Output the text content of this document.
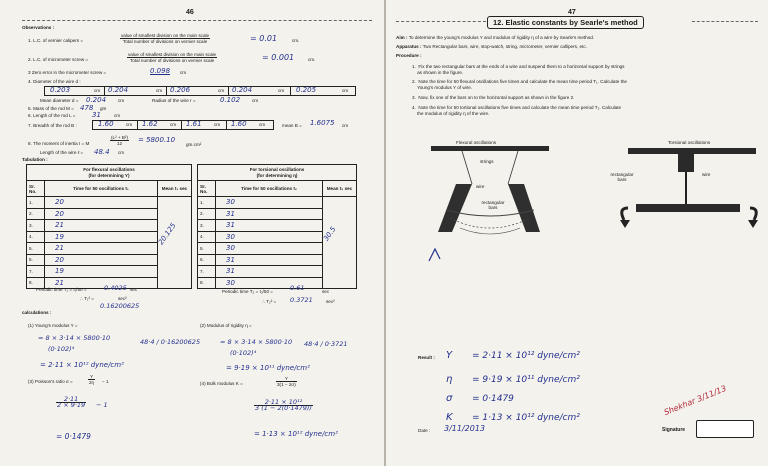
46
Observations :
1. L.C. of vernier calipers =	$\frac{\text{value of smallest division on the main scale}}{\text{Total number of divisions on vernier scale}}$	= 0.01	cm.
2. L.C. of micrometer screw =	$\frac{\text{value of smallest division on the main scale}}{\text{Total number of divisions on vernier scale}}$	= 0.001	cm.
3 Zero error in the micrometer screw =	0.098 cm
4. Diameter of the wire d :
0.203	cm 0.204	cm 0.206	cm 0.204	cm 0.205	cm
Mean diameter d = 0.204	cm	Radius of the wire r =	0.102	cm
5. Mass of the rod M = 478 gm
6. Length of the rod L = 31	cm
7. Breadth of the rod B :	1.60	cm 1.62	cm 1.61	cm 1.60	cm	mean B = 1.6075 cm
8. The moment of inertia I = M	$\frac{\text{(L² + B²)}}{12} = 5800.10$
gm.cm²
Length of the wire ℓ = 48.4 cm
Tabulation :
For flexural oscillations
(for determining Y)		
Sr. No.	Time for 50 oscillations t₁	Mean t₁ sec
1.	20	
2.	20	
3.	21	
4.	19	
5.	21	
6.	20	
7.	19	
8.	21	
20.125
For torsional oscillations
(for determining η)		
Sr. No.	Time for 50 oscillations t₂	Mean t₂ sec
1.	30	
2.	31	
3.	31	
4.	30	
5.	30	
6.	31	
7.	31	
8.	30	
30.5
Periodic time T₁ = t₁/50 =	0.4025 sec
∴ T₁² =	sec²
0.16200625
Periodic time T₂ = t₂/50 =	0.61	sec
∴ T₂² = 0.3721	sec²
calculations :
(1) Young's modulus Y =
= 8 × 3·14 × 5800·10
(0·102)⁴
48·4 / 0·16200625
= 2·11 × 10¹² dyne/cm²
(2) Modulus of rigidity η =
= 8 × 3·14 × 5800·10
(0·102)⁴
48·4 / 0·3721
= 9·19 × 10¹¹ dyne/cm²
(3) Poisson's ratio σ =	$\frac{Y}{2\eta} - 1$
$\frac{2\cdot 11}{2 \times 9\cdot 19} - 1$
= 0·1479
(4) Bulk modulus K =	$\frac{Y}{3(1 - 2\sigma)}$
$\frac{\text{2·11 × 10¹²}}{3 (1 - 2(0\cdot 1479))}$
= 1·13 × 10¹² dyne/cm²
47
12. Elastic constants by Searle's method
Aim : To determine the young's modulus Y and modulus of rigidity η of a wire by Searle's method.
Apparatus : Two Rectangular bars, wire, stop-watch, string, micrometer, vernier callipers, etc.
Procedure :
1. Fix the two rectangular bars at the ends of a wire and suspend them to a horizontal support by strings
as shown in the figure.
2. Note the time for 50 flexural oscillations five times and calculate the mean time period T₁. Calculate the
Young's modulus Y of wire.
3. Now, fix one of the bars on to the horizontal support as shown in the figure 2.
4. Note the time for 50 tortional oscillations five times and calculate the mean time period T₂. Calculate
the modulus of rigidity η of the wire.
Flexural oscillations
strings
wire
rectangular bars
Torsional oscillations
rectangular bars
wire
Result : Y = 2·11 × 10¹² dyne/cm²
η = 9·19 × 10¹¹ dyne/cm²
σ = 0·1479
K = 1·13 × 10¹² dyne/cm²
Date : 3/11/2013
Shekhar 3/11/13
Signature
